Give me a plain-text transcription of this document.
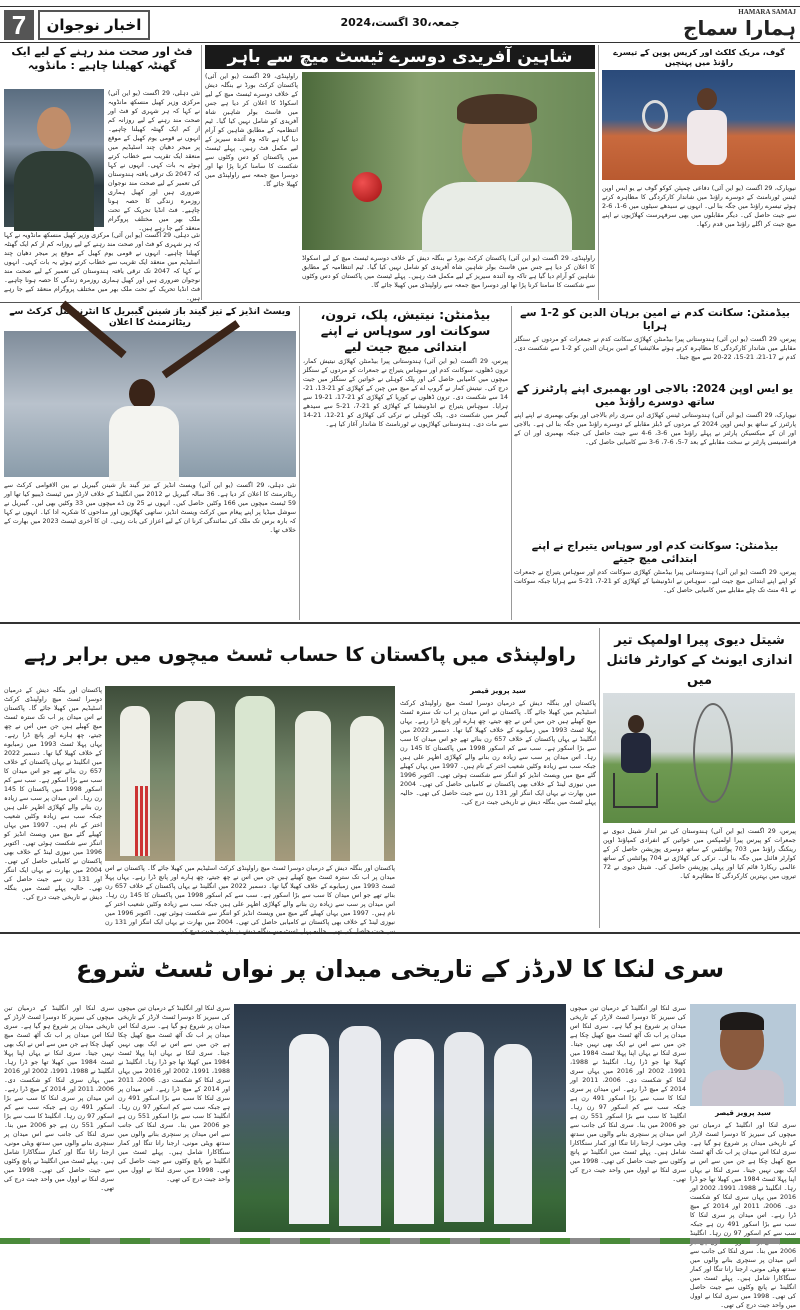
7	اخبار نوجوان	جمعہ،30 اگست،2024
HAMARA SAMAJ
ہمارا سماج
فٹ اور صحت مند رہنے کے لیے ایک گھنٹہ کھیلنا چاہیے : مانڈویہ
نئی دہلی، 29 اگست (یو این آئی) مرکزی وزیر کھیل منسکھ مانڈویہ نے کہا کہ ہر شہری کو فٹ اور صحت مند رہنے کے لیے روزانہ کم از کم ایک گھنٹہ کھیلنا چاہیے۔ انہوں نے قومی یوم کھیل کے موقع پر میجر دھیان چند اسٹیڈیم میں منعقد ایک تقریب سے خطاب کرتے ہوئے یہ بات کہی۔ انہوں نے کہا کہ 2047 تک ترقی یافتہ ہندوستان کی تعمیر کے لیے صحت مند نوجوان ضروری ہیں اور کھیل ہماری روزمرہ زندگی کا حصہ ہونا چاہیے۔ فٹ انڈیا تحریک کے تحت ملک بھر میں مختلف پروگرام منعقد کیے جا رہے ہیں۔
نئی دہلی، 29 اگست (یو این آئی) مرکزی وزیر کھیل منسکھ مانڈویہ نے کہا کہ ہر شہری کو فٹ اور صحت مند رہنے کے لیے روزانہ کم از کم ایک گھنٹہ کھیلنا چاہیے۔ انہوں نے قومی یوم کھیل کے موقع پر میجر دھیان چند اسٹیڈیم میں منعقد ایک تقریب سے خطاب کرتے ہوئے یہ بات کہی۔ انہوں نے کہا کہ 2047 تک ترقی یافتہ ہندوستان کی تعمیر کے لیے صحت مند نوجوان ضروری ہیں اور کھیل ہماری روزمرہ زندگی کا حصہ ہونا چاہیے۔ فٹ انڈیا تحریک کے تحت ملک بھر میں مختلف پروگرام منعقد کیے جا رہے ہیں۔
شاہین آفریدی دوسرے ٹیسٹ میچ سے باہر
راولپنڈی، 29 اگست (یو این آئی) پاکستان کرکٹ بورڈ نے بنگلہ دیش کے خلاف دوسرے ٹیسٹ میچ کے لیے اسکواڈ کا اعلان کر دیا ہے جس میں فاسٹ بولر شاہین شاہ آفریدی کو شامل نہیں کیا گیا۔ ٹیم انتظامیہ کے مطابق شاہین کو آرام دیا گیا ہے تاکہ وہ آئندہ سیریز کے لیے مکمل فٹ رہیں۔ پہلے ٹیسٹ میں پاکستان کو دس وکٹوں سے شکست کا سامنا کرنا پڑا تھا اور دوسرا میچ جمعہ سے راولپنڈی میں کھیلا جائے گا۔
راولپنڈی، 29 اگست (یو این آئی) پاکستان کرکٹ بورڈ نے بنگلہ دیش کے خلاف دوسرے ٹیسٹ میچ کے لیے اسکواڈ کا اعلان کر دیا ہے جس میں فاسٹ بولر شاہین شاہ آفریدی کو شامل نہیں کیا گیا۔ ٹیم انتظامیہ کے مطابق شاہین کو آرام دیا گیا ہے تاکہ وہ آئندہ سیریز کے لیے مکمل فٹ رہیں۔ پہلے ٹیسٹ میں پاکستان کو دس وکٹوں سے شکست کا سامنا کرنا پڑا تھا اور دوسرا میچ جمعہ سے راولپنڈی میں کھیلا جائے گا۔
گوف، مریک کلکٹ اور کریس پوپن کے تیسرے راؤنڈ میں پہنچیں
نیویارک، 29 اگست (یو این آئی) دفاعی چمپئن کوکو گوف نے یو ایس اوپن ٹینس ٹورنامنٹ کے دوسرے راؤنڈ میں شاندار کارکردگی کا مظاہرہ کرتے ہوئے تیسرے راؤنڈ میں جگہ بنا لی۔ انہوں نے سیدھے سیٹوں میں 6-1، 6-2 سے جیت حاصل کی۔ دیگر مقابلوں میں بھی سرفہرست کھلاڑیوں نے اپنے میچ جیت کر اگلے راؤنڈ میں قدم رکھا۔
ویسٹ انڈیز کے تیز گیند باز شینن گیبریل کا انٹرنیشنل کرکٹ سے ریٹائرمنٹ کا اعلان
نئی دہلی، 29 اگست (یو این آئی) ویسٹ انڈیز کے تیز گیند باز شینن گیبریل نے بین الاقوامی کرکٹ سے ریٹائرمنٹ کا اعلان کر دیا ہے۔ 36 سالہ گیبریل نے 2012 میں انگلینڈ کے خلاف لارڈز میں ٹیسٹ ڈیبیو کیا تھا اور 59 ٹیسٹ میچوں میں 166 وکٹیں حاصل کیں۔ انہوں نے 25 ون ڈے میچوں میں 33 وکٹیں بھی لیں۔ گیبریل نے سوشل میڈیا پر اپنے پیغام میں کرکٹ ویسٹ انڈیز، ساتھی کھلاڑیوں اور مداحوں کا شکریہ ادا کیا۔ انہوں نے کہا کہ بارہ برس تک ملک کی نمائندگی کرنا ان کے لیے اعزاز کی بات رہی۔ ان کا آخری ٹیسٹ 2023 میں بھارت کے خلاف تھا۔
بیڈمنٹن: نیتیش، پلک، ترون، سوکانت اور سوہاس نے اپنے ابتدائی میچ جیت لیے
پیرس، 29 اگست (یو این آئی) ہندوستانی پیرا بیڈمنٹن کھلاڑی نیتیش کمار، ترون ڈھلوں، سوکانت کدم اور سوہاس یتیراج نے جمعرات کو مردوں کے سنگلز میچوں میں کامیابی حاصل کی اور پلک کوہلی نے خواتین کے سنگلز میں جیت درج کی۔ نیتیش کمار نے گروپ اے کے میچ میں چین کے کھلاڑی کو 21-13، 21-14 سے شکست دی۔ ترون ڈھلوں نے کوریا کے کھلاڑی کو 21-17، 21-19 سے ہرایا۔ سوہاس یتیراج نے انڈونیشیا کے کھلاڑی کو 21-7، 21-5 سے سیدھے گیمز میں شکست دی۔ پلک کوہلی نے ترکی کی کھلاڑی کو 21-12، 21-14 سے مات دی۔ ہندوستانی کھلاڑیوں نے ٹورنامنٹ کا شاندار آغاز کیا ہے۔
بیڈمنٹن: سکانت کدم نے امین برہان الدین کو 2-1 سے ہرایا
پیرس، 29 اگست (یو این آئی) ہندوستانی پیرا بیڈمنٹن کھلاڑی سکانت کدم نے جمعرات کو مردوں کے سنگلز مقابلے میں شاندار کارکردگی کا مظاہرہ کرتے ہوئے ملائیشیا کے امین برہان الدین کو 2-1 سے شکست دی۔ کدم نے 17-21، 21-15، 22-20 سے میچ جیتا۔
یو ایس اوپن 2024: بالاجی اور بھمبری اپنے پارٹنرز کے ساتھ دوسرے راؤنڈ میں
نیویارک، 29 اگست (یو این آئی) ہندوستانی ٹینس کھلاڑی این سری رام بالاجی اور یوکی بھمبری نے اپنے اپنے پارٹنرز کے ساتھ یو ایس اوپن 2024 کے مردوں کے ڈبلز مقابلے کے دوسرے راؤنڈ میں جگہ بنا لی ہے۔ بالاجی اور ان کے میکسیکن پارٹنر نے پہلے راؤنڈ میں 6-3، 6-4 سے جیت حاصل کی جبکہ بھمبری اور ان کے فرانسیسی پارٹنر نے سخت مقابلے کے بعد 7-5، 6-7، 6-3 سے کامیابی حاصل کی۔
بیڈمنٹن: سوکانت کدم اور سوہاس یتیراج نے اپنے ابتدائی میچ جیتے
پیرس، 29 اگست (یو این آئی) ہندوستانی پیرا بیڈمنٹن کھلاڑی سوکانت کدم اور سوہاس یتیراج نے جمعرات کو اپنے اپنے ابتدائی میچ جیت لیے۔ سوہاس نے انڈونیشیا کے کھلاڑی کو 21-7، 21-5 سے ہرایا جبکہ سوکانت نے 41 منٹ تک چلے مقابلے میں کامیابی حاصل کی۔
راولپنڈی میں پاکستان کا حساب ٹسٹ میچوں میں برابر رہے
پاکستان اور بنگلہ دیش کے درمیان دوسرا ٹسٹ میچ راولپنڈی کرکٹ اسٹیڈیم میں کھیلا جائے گا۔ پاکستان نے اس میدان پر اب تک سترہ ٹسٹ میچ کھیلے ہیں جن میں اس نے چھ جیتے، چھ ہارے اور پانچ ڈرا رہے۔ یہاں پہلا ٹسٹ 1993 میں زمبابوے کے خلاف کھیلا گیا تھا۔ دسمبر 2022 میں انگلینڈ نے یہاں پاکستان کے خلاف 657 رن بنائے تھے جو اس میدان کا سب سے بڑا اسکور ہے۔ سب سے کم اسکور 1998 میں پاکستان کا 145 رن رہا۔ اس میدان پر سب سے زیادہ رن بنانے والے کھلاڑی اظہر علی ہیں جبکہ سب سے زیادہ وکٹیں شعیب اختر کے نام ہیں۔ 1997 میں یہاں کھیلے گئے میچ میں ویسٹ انڈیز کو اننگز سے شکست ہوئی تھی۔ اکتوبر 1996 میں نیوزی لینڈ کے خلاف بھی پاکستان نے کامیابی حاصل کی تھی۔ 2004 میں بھارت نے یہاں ایک اننگز اور 131 رن سے جیت حاصل کی تھی۔ حالیہ پہلے ٹسٹ میں بنگلہ دیش نے تاریخی جیت درج کی۔
سید پرویز قیصر
پاکستان اور بنگلہ دیش کے درمیان دوسرا ٹسٹ میچ راولپنڈی کرکٹ اسٹیڈیم میں کھیلا جائے گا۔ پاکستان نے اس میدان پر اب تک سترہ ٹسٹ میچ کھیلے ہیں جن میں اس نے چھ جیتے، چھ ہارے اور پانچ ڈرا رہے۔ یہاں پہلا ٹسٹ 1993 میں زمبابوے کے خلاف کھیلا گیا تھا۔ دسمبر 2022 میں انگلینڈ نے یہاں پاکستان کے خلاف 657 رن بنائے تھے جو اس میدان کا سب سے بڑا اسکور ہے۔ سب سے کم اسکور 1998 میں پاکستان کا 145 رن رہا۔ اس میدان پر سب سے زیادہ رن بنانے والے کھلاڑی اظہر علی ہیں جبکہ سب سے زیادہ وکٹیں شعیب اختر کے نام ہیں۔ 1997 میں یہاں کھیلے گئے میچ میں ویسٹ انڈیز کو اننگز سے شکست ہوئی تھی۔ اکتوبر 1996 میں نیوزی لینڈ کے خلاف بھی پاکستان نے کامیابی حاصل کی تھی۔ 2004 میں بھارت نے یہاں ایک اننگز اور 131 رن سے جیت حاصل کی تھی۔ حالیہ پہلے ٹسٹ میں بنگلہ دیش نے تاریخی جیت درج کی۔
پاکستان اور بنگلہ دیش کے درمیان دوسرا ٹسٹ میچ راولپنڈی کرکٹ اسٹیڈیم میں کھیلا جائے گا۔ پاکستان نے اس میدان پر اب تک سترہ ٹسٹ میچ کھیلے ہیں جن میں اس نے چھ جیتے، چھ ہارے اور پانچ ڈرا رہے۔ یہاں پہلا ٹسٹ 1993 میں زمبابوے کے خلاف کھیلا گیا تھا۔ دسمبر 2022 میں انگلینڈ نے یہاں پاکستان کے خلاف 657 رن بنائے تھے جو اس میدان کا سب سے بڑا اسکور ہے۔ سب سے کم اسکور 1998 میں پاکستان کا 145 رن رہا۔ اس میدان پر سب سے زیادہ رن بنانے والے کھلاڑی اظہر علی ہیں جبکہ سب سے زیادہ وکٹیں شعیب اختر کے نام ہیں۔ 1997 میں یہاں کھیلے گئے میچ میں ویسٹ انڈیز کو اننگز سے شکست ہوئی تھی۔ اکتوبر 1996 میں نیوزی لینڈ کے خلاف بھی پاکستان نے کامیابی حاصل کی تھی۔ 2004 میں بھارت نے یہاں ایک اننگز اور 131 رن
شیتل دیوی پیرا اولمپک تیر اندازی ایونٹ کے کوارٹر فائنل میں
پیرس، 29 اگست (یو این آئی) ہندوستان کی تیر انداز شیتل دیوی نے جمعرات کو پیرس پیرا اولمپکس میں خواتین کے انفرادی کمپاؤنڈ اوپن رینکنگ راؤنڈ میں 703 پوائنٹس کے ساتھ دوسری پوزیشن حاصل کر کے کوارٹر فائنل میں جگہ بنا لی۔ ترکی کی کھلاڑی نے 704 پوائنٹس کے ساتھ عالمی ریکارڈ قائم کیا اور پہلی پوزیشن حاصل کی۔ شیتل دیوی نے 72 تیروں میں بہترین کارکردگی کا مظاہرہ کیا۔
سری لنکا کا لارڈز کے تاریخی میدان پر نواں ٹسٹ شروع
سری لنکا اور انگلینڈ کے درمیان تین میچوں کی سیریز کا دوسرا ٹسٹ لارڈز کے تاریخی میدان پر شروع ہو گیا ہے۔ سری لنکا اس میدان پر اب تک آٹھ ٹسٹ میچ کھیل چکا ہے جن میں سے اس نے ایک بھی نہیں جیتا۔ سری لنکا نے یہاں اپنا پہلا ٹسٹ 1984 میں کھیلا تھا جو ڈرا رہا۔ انگلینڈ نے 1988، 1991، 2002 اور 2016 میں یہاں سری لنکا کو شکست دی۔ 2006، 2011 اور 2014 کے میچ ڈرا رہے۔ اس میدان پر سری لنکا کا سب سے بڑا اسکور 491 رن ہے جبکہ سب سے کم اسکور 97 رن رہا۔ انگلینڈ کا سب سے بڑا اسکور 551 رن ہے جو 2006 میں بنا۔ سری لنکا کی جانب سے اس میدان پر سنچری بنانے والوں میں سدتھ ویٹی مونی، ارجنا رانا تنگا اور کمار سنگاکارا شامل ہیں۔ پہلے ٹسٹ میں انگلینڈ نے پانچ وکٹوں سے جیت حاصل کی تھی۔ 1998 میں سری لنکا نے اوول میں واحد جیت درج کی تھی۔
سری لنکا اور انگلینڈ کے درمیان تین میچوں کی سیریز کا دوسرا ٹسٹ لارڈز کے تاریخی میدان پر شروع ہو گیا ہے۔ سری لنکا اس میدان پر اب تک آٹھ ٹسٹ میچ کھیل چکا ہے جن میں سے اس نے ایک بھی نہیں جیتا۔ سری لنکا نے یہاں اپنا پہلا ٹسٹ 1984 میں کھیلا تھا جو ڈرا رہا۔ انگلینڈ نے 1988، 1991، 2002 اور 2016 میں یہاں سری لنکا کو شکست دی۔ 2006، 2011 اور 2014 کے میچ ڈرا رہے۔ اس میدان پر سری لنکا کا سب سے بڑا اسکور 491 رن ہے جبکہ سب سے کم اسکور 97 رن رہا۔ انگلینڈ کا سب سے بڑا اسکور 551 رن ہے جو 2006 میں بنا۔ سری لنکا کی جانب سے اس میدان پر سنچری بنانے والوں میں سدتھ ویٹی مونی، ارجنا رانا تنگا اور کمار سنگاکارا شامل ہیں۔ پہلے ٹسٹ میں انگلینڈ نے پانچ وکٹوں سے جیت حاصل کی تھی۔ 1998 میں سری لنکا نے اوول میں واحد جیت درج کی تھی۔
سری لنکا اور انگلینڈ کے درمیان تین میچوں کی سیریز کا دوسرا ٹسٹ لارڈز کے تاریخی میدان پر شروع ہو گیا ہے۔ سری لنکا اس میدان پر اب تک آٹھ ٹسٹ میچ کھیل چکا ہے جن میں سے اس نے ایک بھی نہیں جیتا۔ سری لنکا نے یہاں اپنا پہلا ٹسٹ 1984 میں کھیلا تھا جو ڈرا رہا۔ انگلینڈ نے 1988، 1991، 2002 اور 2016 میں یہاں سری لنکا کو شکست دی۔ 2006، 2011 اور 2014 کے میچ ڈرا رہے۔ اس میدان پر سری لنکا کا سب سے بڑا اسکور 491 رن ہے جبکہ سب سے کم اسکور 97 رن رہا۔ انگلینڈ کا سب سے بڑا اسکور 551 رن ہے جو 2006 میں بنا۔ سری لنکا کی جانب سے اس میدان پر سنچری بنانے والوں میں سدتھ ویٹی مونی، ارجنا رانا تنگا اور کمار سنگاکارا شامل ہیں۔ پہلے ٹسٹ میں انگلینڈ نے پانچ وکٹوں سے جیت حاصل کی تھی۔ 1998 میں سری لنکا نے اوول میں واحد جیت درج کی تھی۔
سید پرویز قیصر
سری لنکا اور انگلینڈ کے درمیان تین میچوں کی سیریز کا دوسرا ٹسٹ لارڈز کے تاریخی میدان پر شروع ہو گیا ہے۔ سری لنکا اس میدان پر اب تک آٹھ ٹسٹ میچ کھیل چکا ہے جن میں سے اس نے ایک بھی نہیں جیتا۔ سری لنکا نے یہاں اپنا پہلا ٹسٹ 1984 میں کھیلا تھا جو ڈرا رہا۔ انگلینڈ نے 1988، 1991، 2002 اور 2016 میں یہاں سری لنکا کو شکست دی۔ 2006، 2011 اور 2014 کے میچ ڈرا رہے۔ اس میدان پر سری لنکا کا سب سے بڑا اسکور 491 رن ہے جبکہ سب سے کم اسکور 97 رن رہا۔ انگلینڈ 2006 میں بنا۔ سری لنکا کی جانب سے اس میدان پر سنچری بنانے والوں میں سدتھ ویٹی مونی، ارجنا رانا تنگا اور کمار سنگاکارا شامل ہیں۔ پہلے ٹسٹ میں انگلینڈ نے پانچ وکٹوں سے جیت حاصل کی تھی۔ 1998 میں سری لنکا نے اوول میں واحد جیت درج کی تھی۔
